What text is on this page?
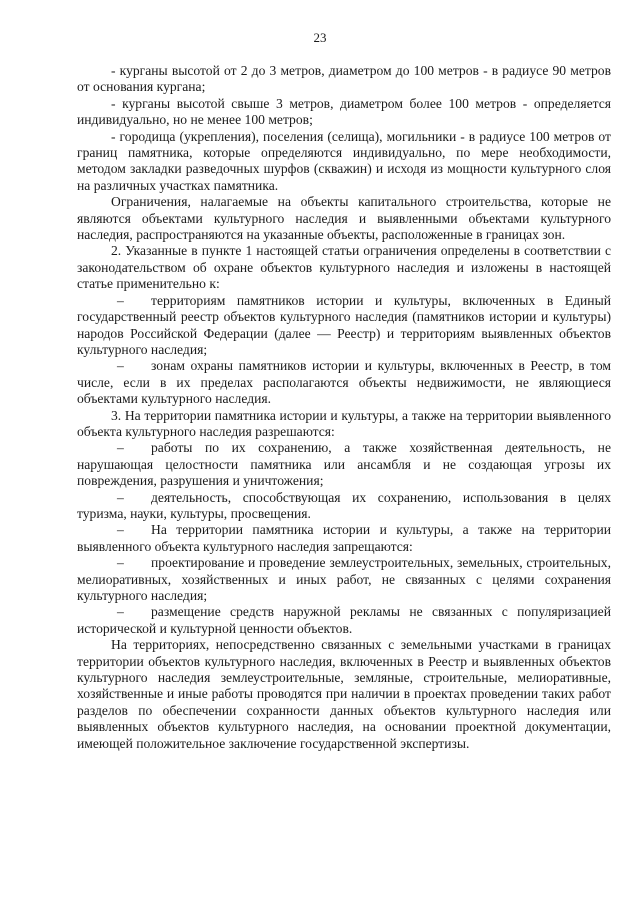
23

- курганы высотой от 2 до 3 метров, диаметром до 100 метров - в радиусе 90 метров от основания кургана;

- курганы высотой свыше 3 метров, диаметром более 100 метров - определяется индивидуально, но не менее 100 метров;

- городища (укрепления), поселения (селища), могильники - в радиусе 100 метров от границ памятника, которые определяются индивидуально, по мере необходимости, методом закладки разведочных шурфов (скважин) и исходя из мощности культурного слоя на различных участках памятника.

Ограничения, налагаемые на объекты капитального строительства, которые не являются объектами культурного наследия и выявленными объектами культурного наследия, распространяются на указанные объекты, расположенные в границах зон.

2. Указанные в пункте 1 настоящей статьи ограничения определены в соответствии с законодательством об охране объектов культурного наследия и изложены в настоящей статье применительно к:

– территориям памятников истории и культуры, включенных в Единый государственный реестр объектов культурного наследия (памятников истории и культуры) народов Российской Федерации (далее — Реестр) и территориям выявленных объектов культурного наследия;

– зонам охраны памятников истории и культуры, включенных в Реестр, в том числе, если в их пределах располагаются объекты недвижимости, не являющиеся объектами культурного наследия.

3. На территории памятника истории и культуры, а также на территории выявленного объекта культурного наследия разрешаются:

– работы по их сохранению, а также хозяйственная деятельность, не нарушающая целостности памятника или ансамбля и не создающая угрозы их повреждения, разрушения и уничтожения;

– деятельность, способствующая их сохранению, использования в целях туризма, науки, культуры, просвещения.

– На территории памятника истории и культуры, а также на территории выявленного объекта культурного наследия запрещаются:

– проектирование и проведение землеустроительных, земельных, строительных, мелиоративных, хозяйственных и иных работ, не связанных с целями сохранения культурного наследия;

– размещение средств наружной рекламы не связанных с популяризацией исторической и культурной ценности объектов.

На территориях, непосредственно связанных с земельными участками в границах территории объектов культурного наследия, включенных в Реестр и выявленных объектов культурного наследия землеустроительные, земляные, строительные, мелиоративные, хозяйственные и иные работы проводятся при наличии в проектах проведении таких работ разделов по обеспечении сохранности данных объектов культурного наследия или выявленных объектов культурного наследия, на основании проектной документации, имеющей положительное заключение государственной экспертизы.
